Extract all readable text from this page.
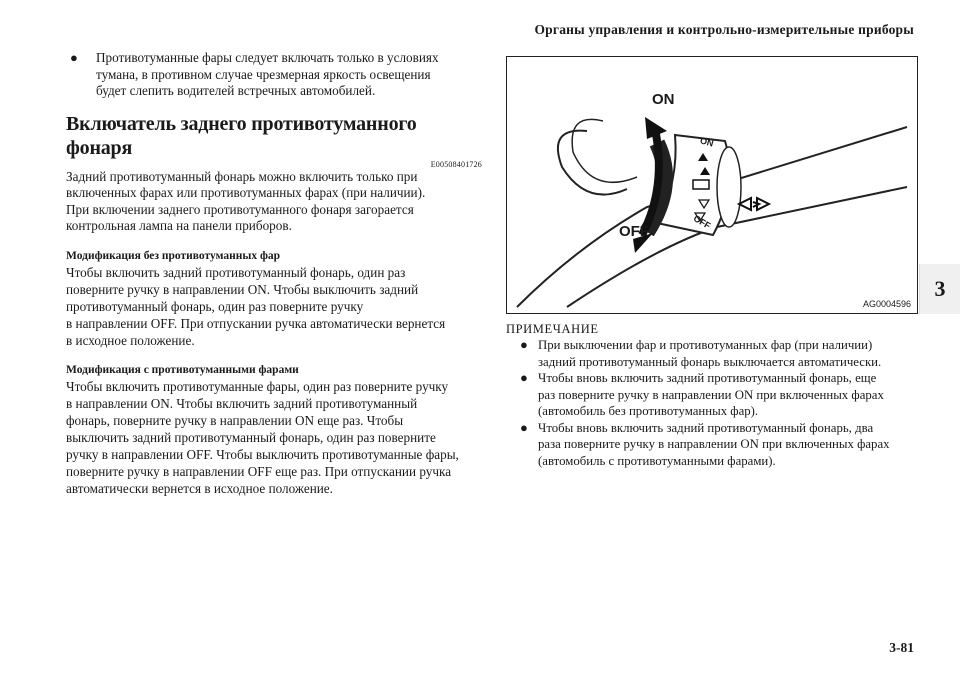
Органы управления и контрольно-измерительные приборы
3
●	Противотуманные фары следует включать только в условиях
тумана, в противном случае чрезмерная яркость освещения
будет слепить водителей встречных автомобилей.
Включатель заднего противотуманного фонаря
E00508401726
Задний противотуманный фонарь можно включить только при
включенных фарах или противотуманных фарах (при наличии).
При включении заднего противотуманного фонаря загорается
контрольная лампа на панели приборов.
Модификация без противотуманных фар
Чтобы включить задний противотуманный фонарь, один раз
поверните ручку в направлении ON. Чтобы выключить задний
противотуманный фонарь, один раз поверните ручку
в направлении OFF. При отпускании ручка автоматически вернется
в исходное положение.
Модификация с противотуманными фарами
Чтобы включить противотуманные фары, один раз поверните ручку
в направлении ON. Чтобы включить задний противотуманный
фонарь, поверните ручку в направлении ON еще раз. Чтобы
выключить задний противотуманный фонарь, один раз поверните
ручку в направлении OFF. Чтобы выключить противотуманные фары,
поверните ручку в направлении OFF еще раз. При отпускании ручка
автоматически вернется в исходное положение.
ON
OFF
ON
OFF
AG0004596
ПРИМЕЧАНИЕ
● При выключении фар и противотуманных фар (при наличии)
задний противотуманный фонарь выключается автоматически.
● Чтобы вновь включить задний противотуманный фонарь, еще
раз поверните ручку в направлении ON при включенных фарах
(автомобиль без противотуманных фар).
● Чтобы вновь включить задний противотуманный фонарь, два
раза поверните ручку в направлении ON при включенных фарах
(автомобиль с противотуманными фарами).
3-81
